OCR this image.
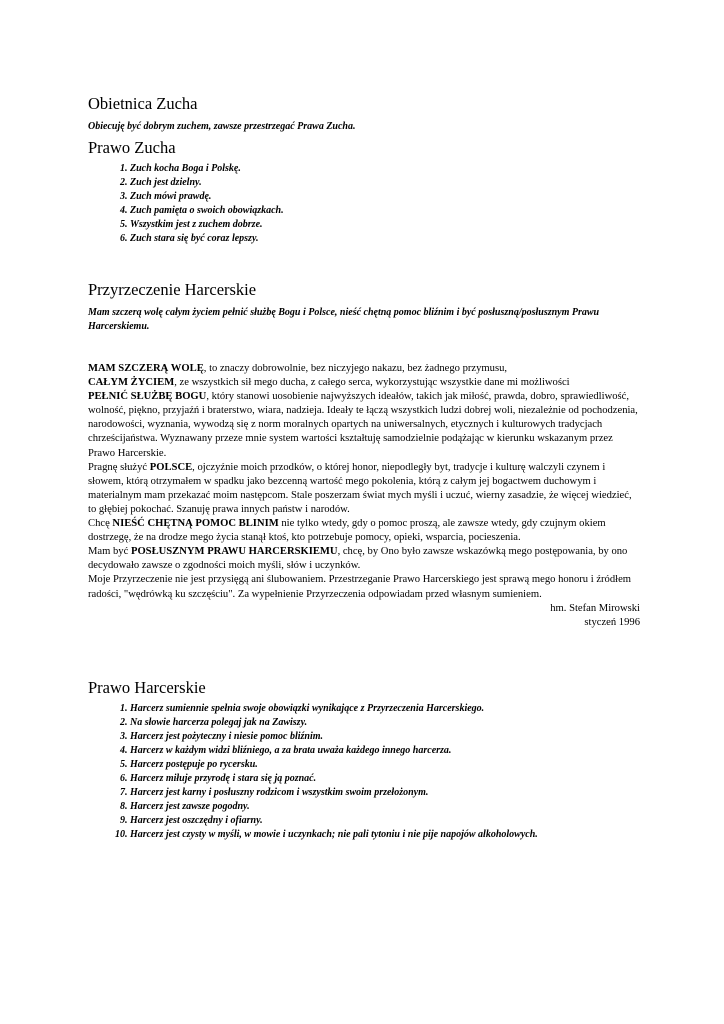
Obietnica Zucha

Obiecuję być dobrym zuchem, zawsze przestrzegać Prawa Zucha.

Prawo Zucha
1. Zuch kocha Boga i Polskę.
2. Zuch jest dzielny.
3. Zuch mówi prawdę.
4. Zuch pamięta o swoich obowiązkach.
5. Wszystkim jest z zuchem dobrze.
6. Zuch stara się być coraz lepszy.
Przyrzeczenie Harcerskie

Mam szczerą wolę całym życiem pełnić służbę Bogu i Polsce, nieść chętną pomoc bliźnim i być posłuszną/posłusznym Prawu Harcerskiemu.

MAM SZCZERĄ WOLĘ, to znaczy dobrowolnie, bez niczyjego nakazu, bez żadnego przymusu,

CAŁYM ŻYCIEM, ze wszystkich sił mego ducha, z całego serca, wykorzystując wszystkie dane mi możliwości

PEŁNIĆ SŁUŻBĘ BOGU, który stanowi uosobienie najwyższych ideałów, takich jak miłość, prawda, dobro, sprawiedliwość, wolność, piękno, przyjaźń i braterstwo, wiara, nadzieja. Ideały te łączą wszystkich ludzi dobrej woli, niezależnie od pochodzenia, narodowości, wyznania, wywodzą się z norm moralnych opartych na uniwersalnych, etycznych i kulturowych tradycjach chrześcijaństwa. Wyznawany przeze mnie system wartości kształtuję samodzielnie podążając w kierunku wskazanym przez Prawo Harcerskie.

Pragnę służyć POLSCE, ojczyźnie moich przodków, o której honor, niepodległy byt, tradycje i kulturę walczyli czynem i słowem, którą otrzymałem w spadku jako bezcenną wartość mego pokolenia, którą z całym jej bogactwem duchowym i materialnym mam przekazać moim następcom. Stale poszerzam świat mych myśli i uczuć, wierny zasadzie, że więcej wiedzieć, to głębiej pokochać. Szanuję prawa innych państw i narodów.

Chcę NIEŚĆ CHĘTNĄ POMOC BLINIM nie tylko wtedy, gdy o pomoc proszą, ale zawsze wtedy, gdy czujnym okiem dostrzegę, że na drodze mego życia stanął ktoś, kto potrzebuje pomocy, opieki, wsparcia, pocieszenia.

Mam być POSŁUSZNYM PRAWU HARCERSKIEMU, chcę, by Ono było zawsze wskazówką mego postępowania, by ono decydowało zawsze o zgodności moich myśli, słów i uczynków.

Moje Przyrzeczenie nie jest przysięgą ani ślubowaniem. Przestrzeganie Prawo Harcerskiego jest sprawą mego honoru i źródłem radości, "wędrówką ku szczęściu". Za wypełnienie Przyrzeczenia odpowiadam przed własnym sumieniem.

hm. Stefan Mirowski
styczeń 1996
Prawo Harcerskie
1. Harcerz sumiennie spełnia swoje obowiązki wynikające z Przyrzeczenia Harcerskiego.
2. Na słowie harcerza polegaj jak na Zawiszy.
3. Harcerz jest pożyteczny i niesie pomoc bliźnim.
4. Harcerz w każdym widzi bliźniego, a za brata uważa każdego innego harcerza.
5. Harcerz postępuje po rycersku.
6. Harcerz miłuje przyrodę i stara się ją poznać.
7. Harcerz jest karny i posłuszny rodzicom i wszystkim swoim przełożonym.
8. Harcerz jest zawsze pogodny.
9. Harcerz jest oszczędny i ofiarny.
10. Harcerz jest czysty w myśli, w mowie i uczynkach; nie pali tytoniu i nie pije napojów alkoholowych.
